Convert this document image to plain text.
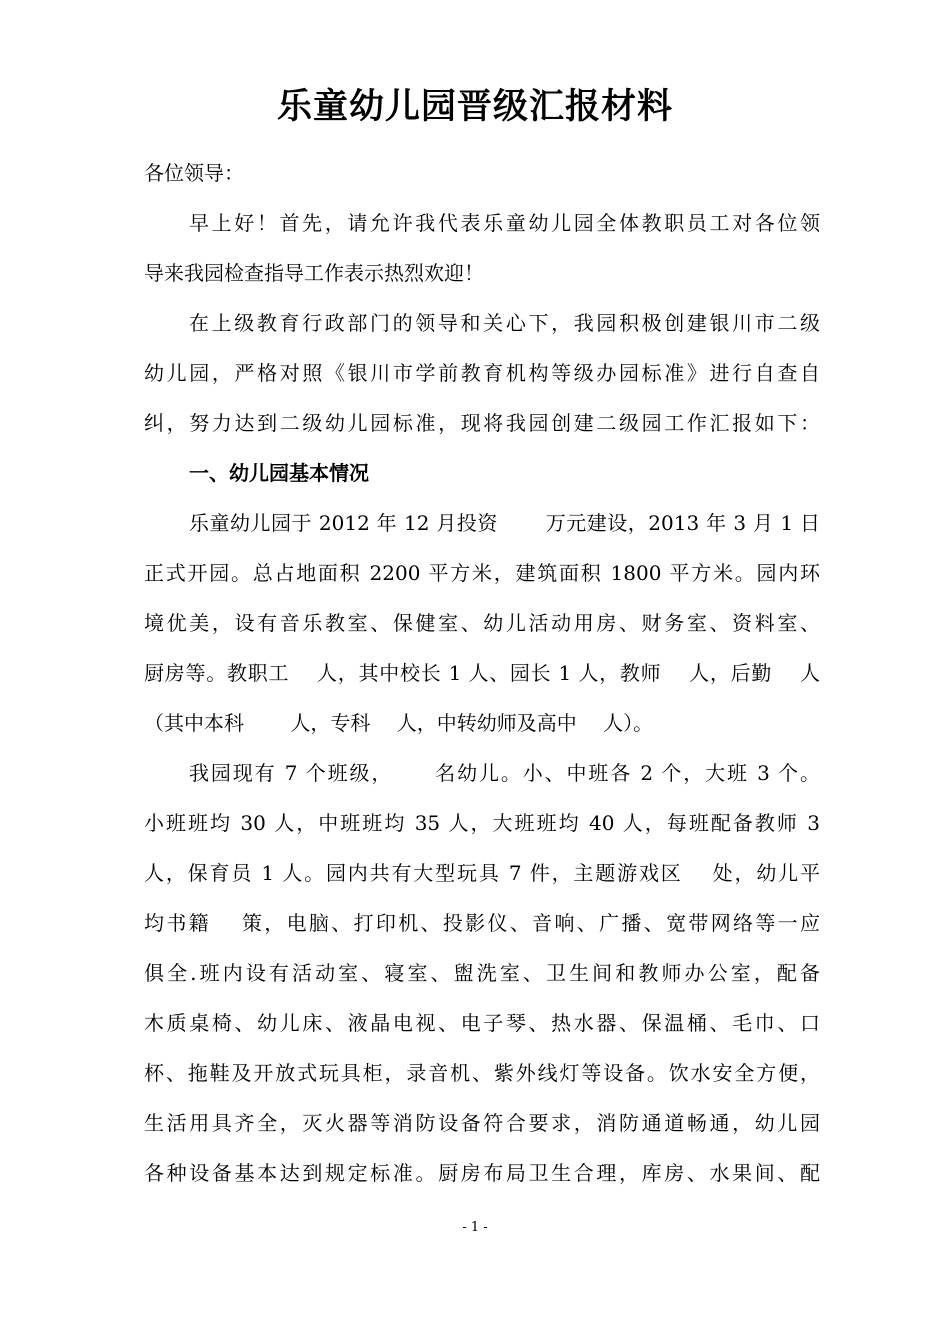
乐童幼儿园晋级汇报材料
各位领导：
早上好！首先，请允许我代表乐童幼儿园全体教职员工对各位领
导来我园检查指导工作表示热烈欢迎！
在上级教育行政部门的领导和关心下，我园积极创建银川市二级
幼儿园，严格对照《银川市学前教育机构等级办园标准》进行自查自
纠，努力达到二级幼儿园标准，现将我园创建二级园工作汇报如下：
一、幼儿园基本情况
乐童幼儿园于 2012 年 12 月投资　　 万元建设，2013 年 3 月 1 日
正式开园。总占地面积 2200 平方米，建筑面积 1800 平方米。园内环
境优美，设有音乐教室、保健室、幼儿活动用房、财务室、资料室、
厨房等。教职工　 人，其中校长 1 人、园长 1 人，教师　 人，后勤　 人
（其中本科　　 人，专科　 人，中转幼师及高中　 人）。
我园现有 7 个班级，　　 名幼儿。小、中班各 2 个，大班 3 个。
小班班均 30 人，中班班均 35 人，大班班均 40 人，每班配备教师 3
人，保育员 1 人。园内共有大型玩具 7 件，主题游戏区　 处，幼儿平
均书籍　 策，电脑、打印机、投影仪、音响、广播、宽带网络等一应
俱全.班内设有活动室、寝室、盥洗室、卫生间和教师办公室，配备
木质桌椅、幼儿床、液晶电视、电子琴、热水器、保温桶、毛巾、口
杯、拖鞋及开放式玩具柜，录音机、紫外线灯等设备。饮水安全方便，
生活用具齐全，灭火器等消防设备符合要求，消防通道畅通，幼儿园
各种设备基本达到规定标准。厨房布局卫生合理，库房、水果间、配
- 1 -
